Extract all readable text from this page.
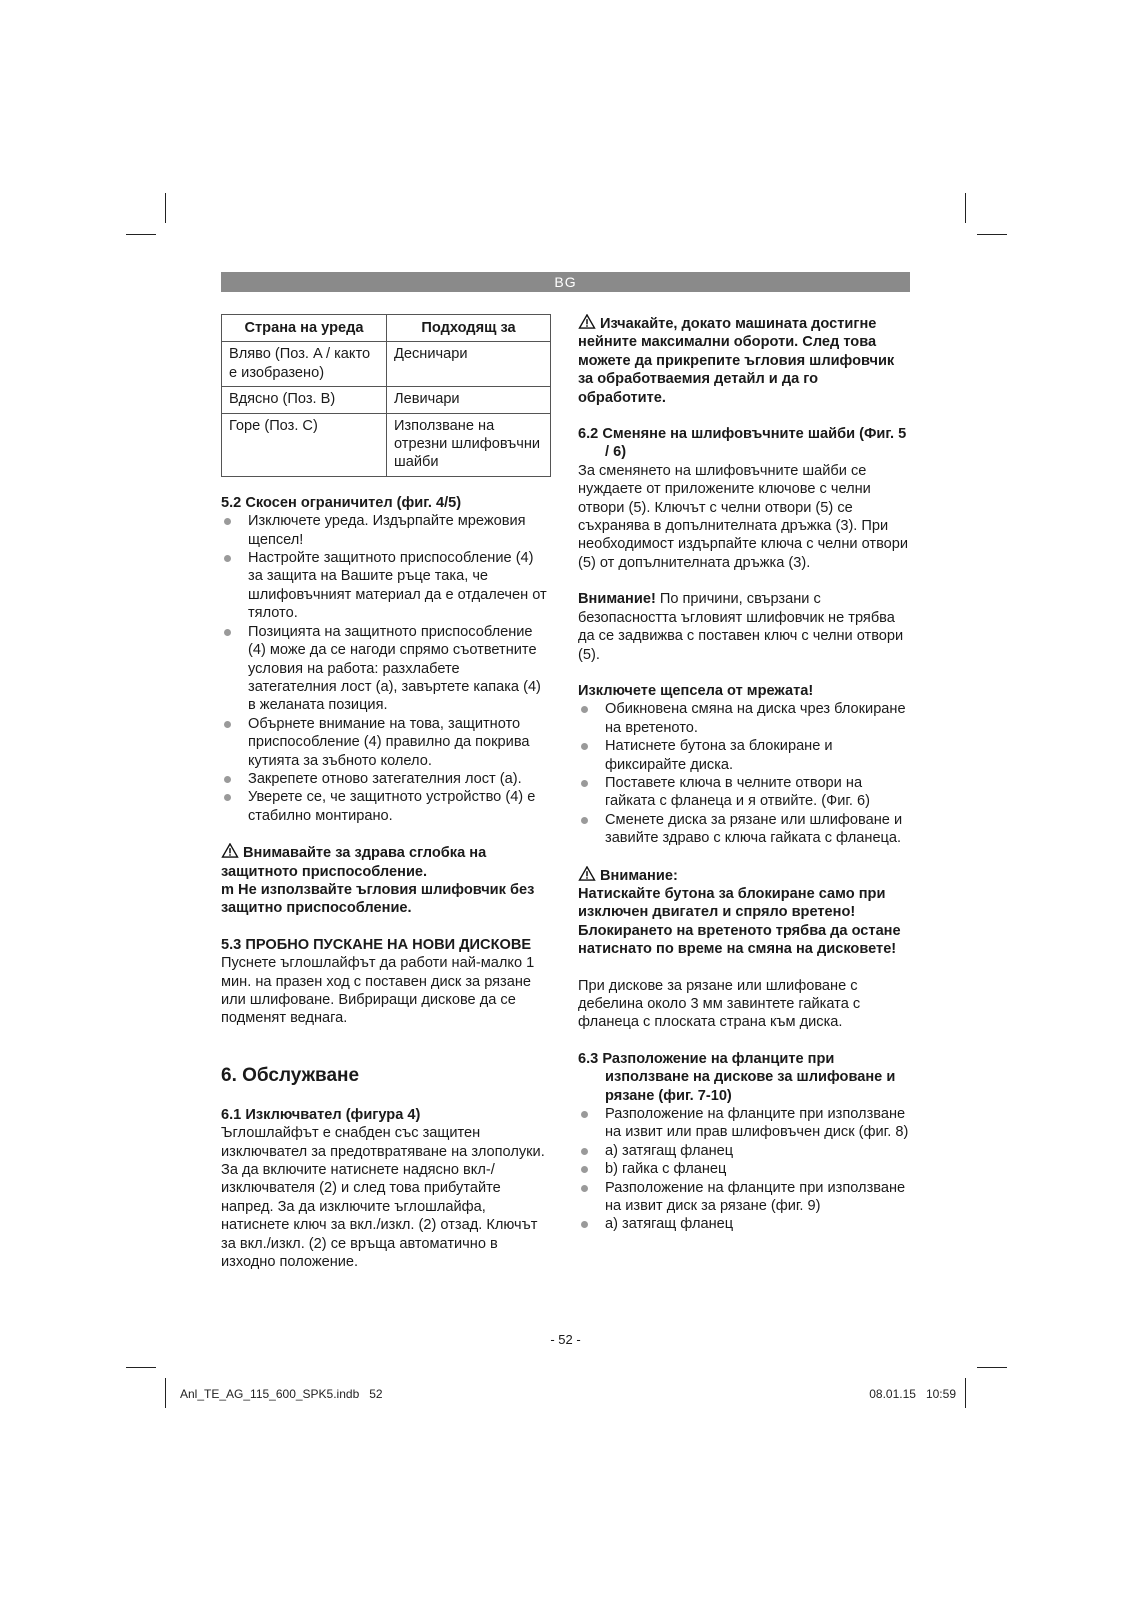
BG
Страна на уреда	Подходящ за
Вляво (Поз. A / както е изобразено)	Десничари
Вдясно (Поз. B)	Левичари
Горе (Поз. C)	Използване на отрезни шлифовъчни шайби

5.2 Скосен ограничител (фиг. 4/5)

Изключете уреда. Издърпайте мрежовия щепсел!
Настройте защитното приспособление (4) за защита на Вашите ръце така, че шлифовъчният материал да е отдалечен от тялото.
Позицията на защитното приспособление (4) може да се нагоди спрямо съответните условия на работа: разхлабете затегателния лост (a), завъртете капака (4) в желаната позиция.
Обърнете внимание на това, защитното приспособление (4) правилно да покрива кутията за зъбното колело.
Закрепете отново затегателния лост (a).
Уверете се, че защитното устройство (4) е стабилно монтирано.

Внимавайте за здрава сглобка на защитното приспособление.

m Не използвайте ъгловия шлифовчик без защитно приспособление.

5.3 ПРОБНО ПУСКАНЕ НА НОВИ ДИСКОВЕ

Пуснете ъглошлайфът да работи най-малко 1 мин. на празен ход с поставен диск за рязане или шлифоване. Вибриращи дискове да се подменят веднага.

6. Обслужване

6.1 Изключвател (фигура 4)

Ъглошлайфът е снабден със защитен изключвател за предотвратяване на злополуки. За да включите натиснете надясно вкл-/изключвателя (2) и след това прибутайте напред. За да изключите ъглошлайфа, натиснете ключ за вкл./изкл. (2) отзад. Ключът за вкл./изкл. (2) се връща автоматично в изходно положение.

Изчакайте, докато машината достигне нейните максимални обороти. След това можете да прикрепите ъгловия шлифовчик за обработваемия детайл и да го обработите.

6.2 Сменяне на шлифовъчните шайби (Фиг. 5 / 6)

За сменянето на шлифовъчните шайби се нуждаете от приложените ключове с челни отвори (5). Ключът с челни отвори (5) се съхранява в допълнителната дръжка (3). При необходимост издърпайте ключа с челни отвори (5) от допълнителната дръжка (3).

Внимание! По причини, свързани с безопасността ъгловият шлифовчик не трябва да се задвижва с поставен ключ с челни отвори (5).

Изключете щепсела от мрежата!

Обикновена смяна на диска чрез блокиране на вретеното.
Натиснете бутона за блокиране и фиксирайте диска.
Поставете ключа в челните отвори на гайката с фланеца и я отвийте. (Фиг. 6)
Сменете диска за рязане или шлифоване и завийте здраво с ключа гайката с фланеца.

Внимание:

Натискайте бутона за блокиране само при изключен двигател и спряло вретено! Блокирането на вретеното трябва да остане натиснато по време на смяна на дисковете!

При дискове за рязане или шлифоване с дебелина около 3 мм завинтете гайката с фланеца с плоската страна към диска.

6.3 Разположение на фланците при използване на дискове за шлифоване и рязане (фиг. 7-10)

Разположение на фланците при използване на извит или прав шлифовъчен диск (фиг. 8)
a) затягащ фланец
b) гайка с фланец
Разположение на фланците при използване на извит диск за рязане (фиг. 9)
a) затягащ фланец
- 52 -
Anl_TE_AG_115_600_SPK5.indb   52	08.01.15   10:59
